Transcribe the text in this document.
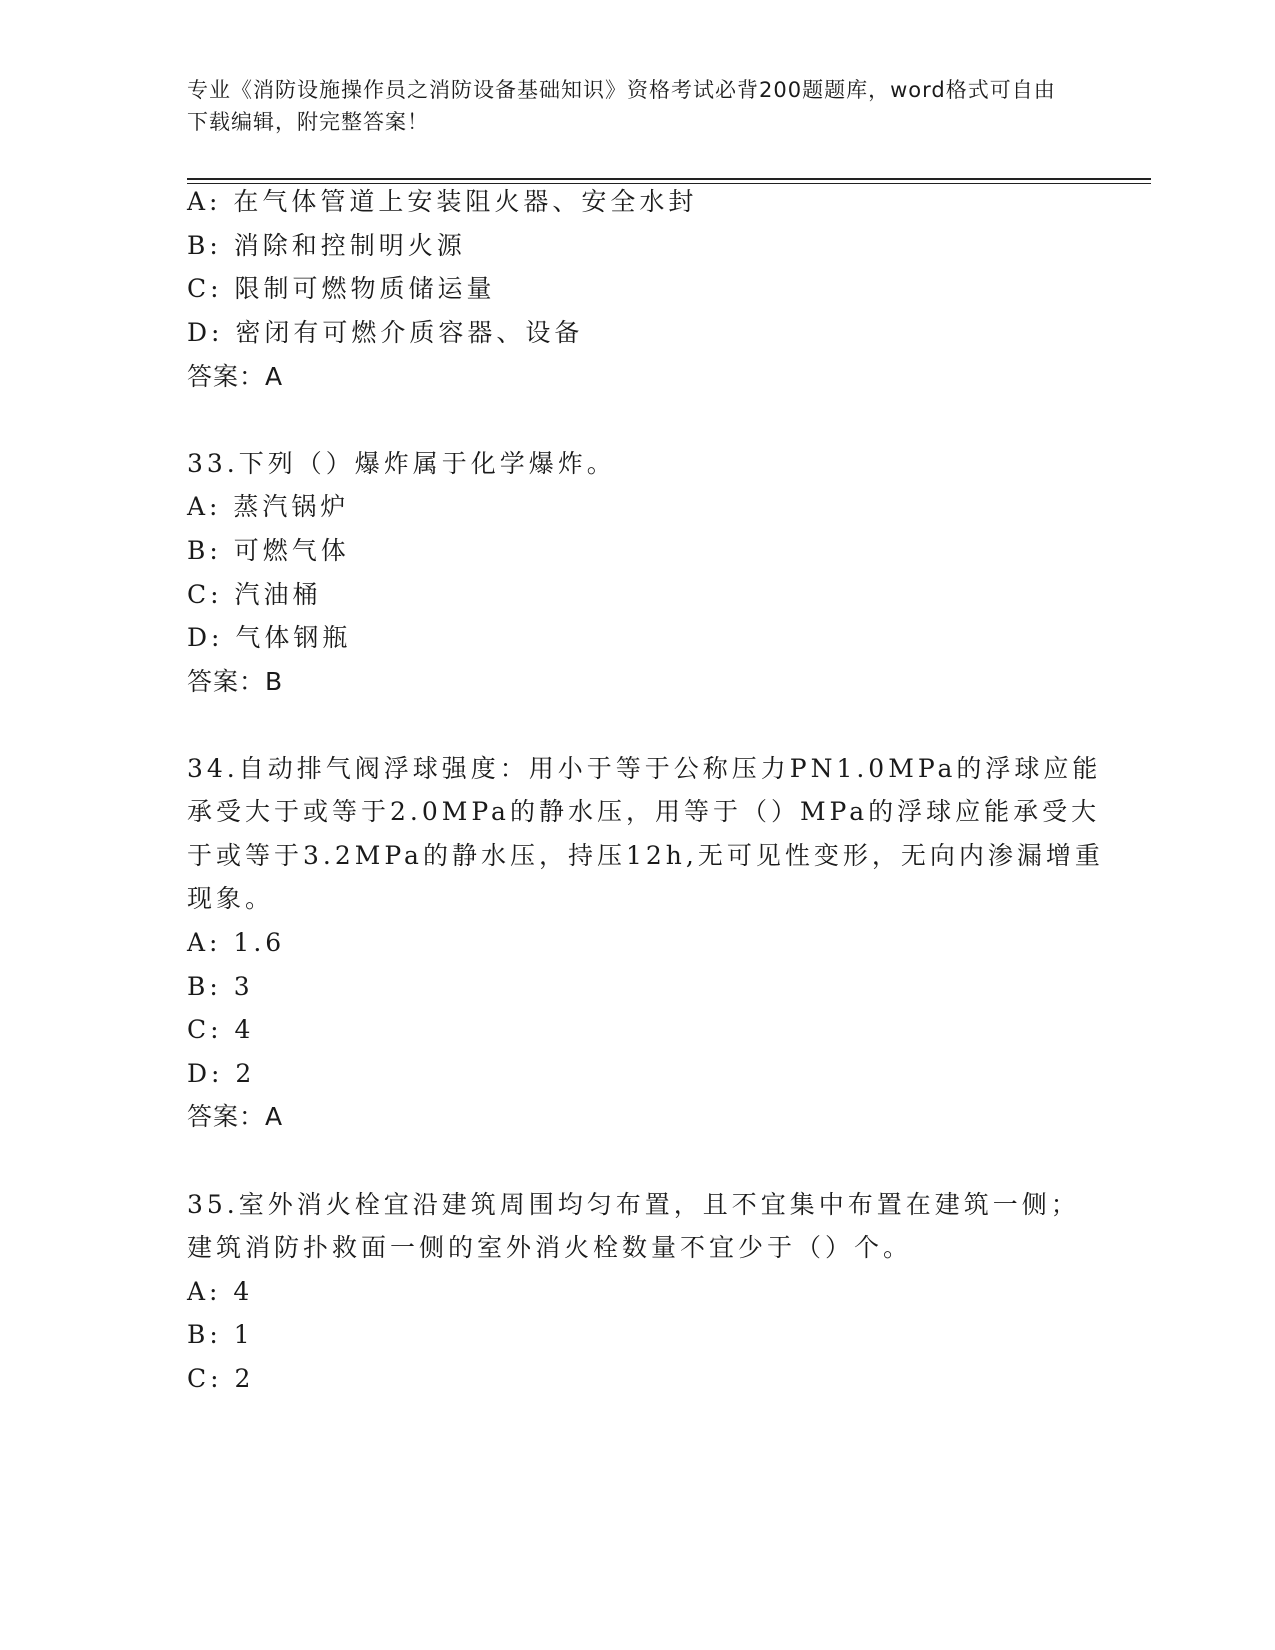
专业《消防设施操作员之消防设备基础知识》资格考试必背200题题库，word格式可自由下载编辑，附完整答案！
A: 在气体管道上安装阻火器、安全水封
B: 消除和控制明火源
C: 限制可燃物质储运量
D: 密闭有可燃介质容器、设备
答案：A
33.下列（）爆炸属于化学爆炸。
A: 蒸汽锅炉
B: 可燃气体
C: 汽油桶
D: 气体钢瓶
答案：B
34.自动排气阀浮球强度：用小于等于公称压力PN1.0MPa的浮球应能
承受大于或等于2.0MPa的静水压，用等于（）MPa的浮球应能承受大
于或等于3.2MPa的静水压，持压12h,无可见性变形，无向内渗漏增重
现象。
A: 1.6
B: 3
C: 4
D: 2
答案：A
35.室外消火栓宜沿建筑周围均匀布置，且不宜集中布置在建筑一侧；
建筑消防扑救面一侧的室外消火栓数量不宜少于（）个。
A: 4
B: 1
C: 2
